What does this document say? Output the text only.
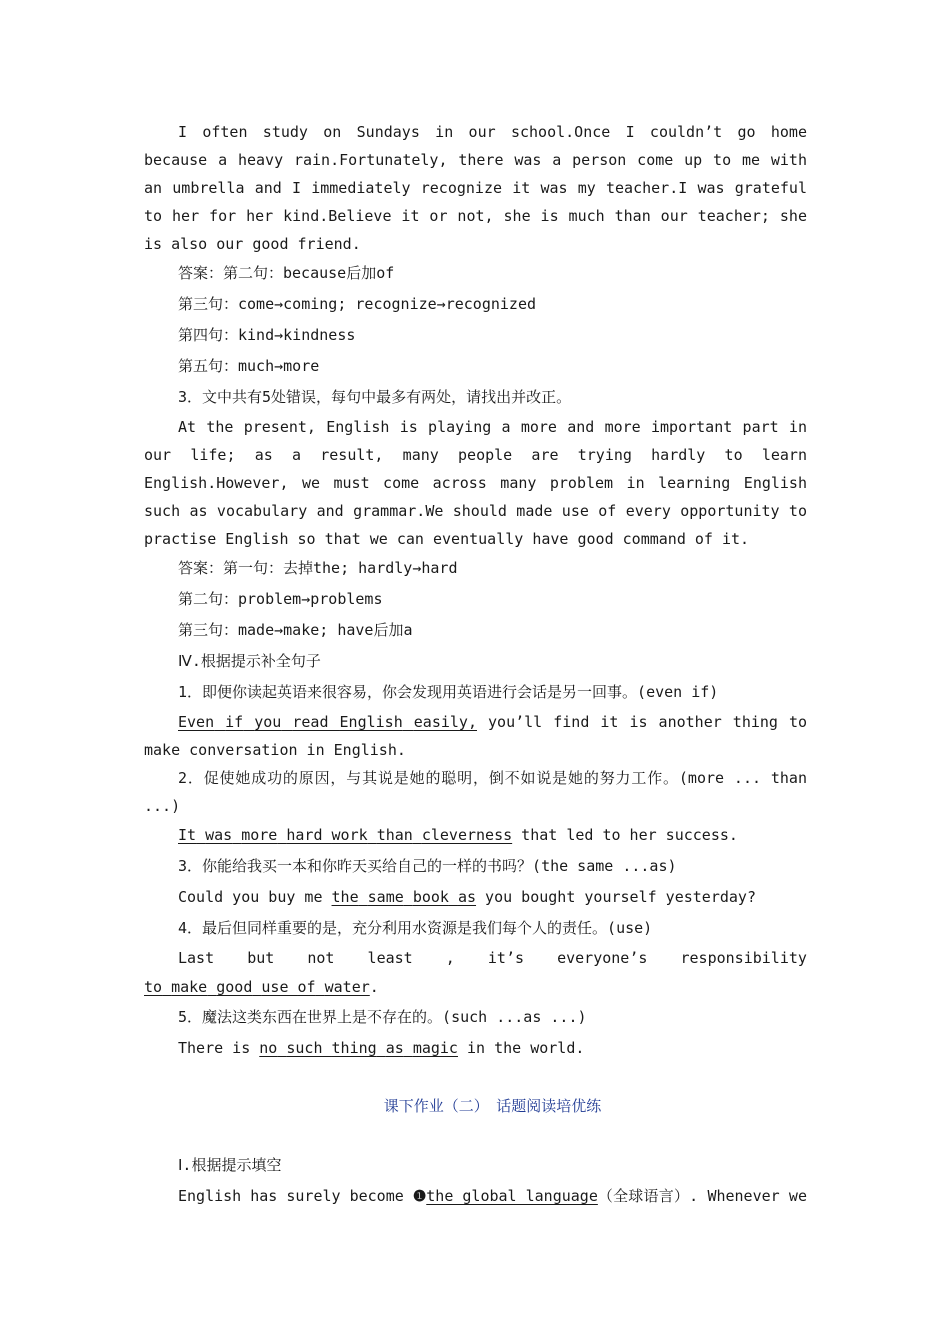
I often study on Sundays in our school.Once I couldn’t go home because a heavy rain.Fortunately, there was a person come up to me with an umbrella and I immediately recognize it was my teacher.I was grateful to her for her kind.Believe it or not, she is much than our teacher; she is also our good friend.

答案：第二句：because后加of

第三句：come→coming; recognize→recognized

第四句：kind→kindness

第五句：much→more

3．文中共有5处错误，每句中最多有两处，请找出并改正。

At the present, English is playing a more and more important part in our life; as a result, many people are trying hardly to learn English.However, we must come across many problem in learning English such as vocabulary and grammar.We should made use of every opportunity to practise English so that we can eventually have good command of it.

答案：第一句：去掉the; hardly→hard

第二句：problem→problems

第三句：made→make; have后加a

Ⅳ.根据提示补全句子

1．即便你读起英语来很容易，你会发现用英语进行会话是另一回事。(even if)

Even if you read English easily, you’ll find it is another thing to make conversation in English.

2．促使她成功的原因，与其说是她的聪明，倒不如说是她的努力工作。(more ... than ...)

It was more hard work than cleverness that led to her success.

3．你能给我买一本和你昨天买给自己的一样的书吗？(the same ...as)

Could you buy me the same book as you bought yourself yesterday?

4．最后但同样重要的是，充分利用水资源是我们每个人的责任。(use)

Last but not least , it’s everyone’s responsibility

to make good use of water.

5．魔法这类东西在世界上是不存在的。(such ...as ...)

There is no such thing as magic in the world.

课下作业（二）　话题阅读培优练

Ⅰ.根据提示填空

English has surely become ❶ the global language （全球语言）. Whenever we
